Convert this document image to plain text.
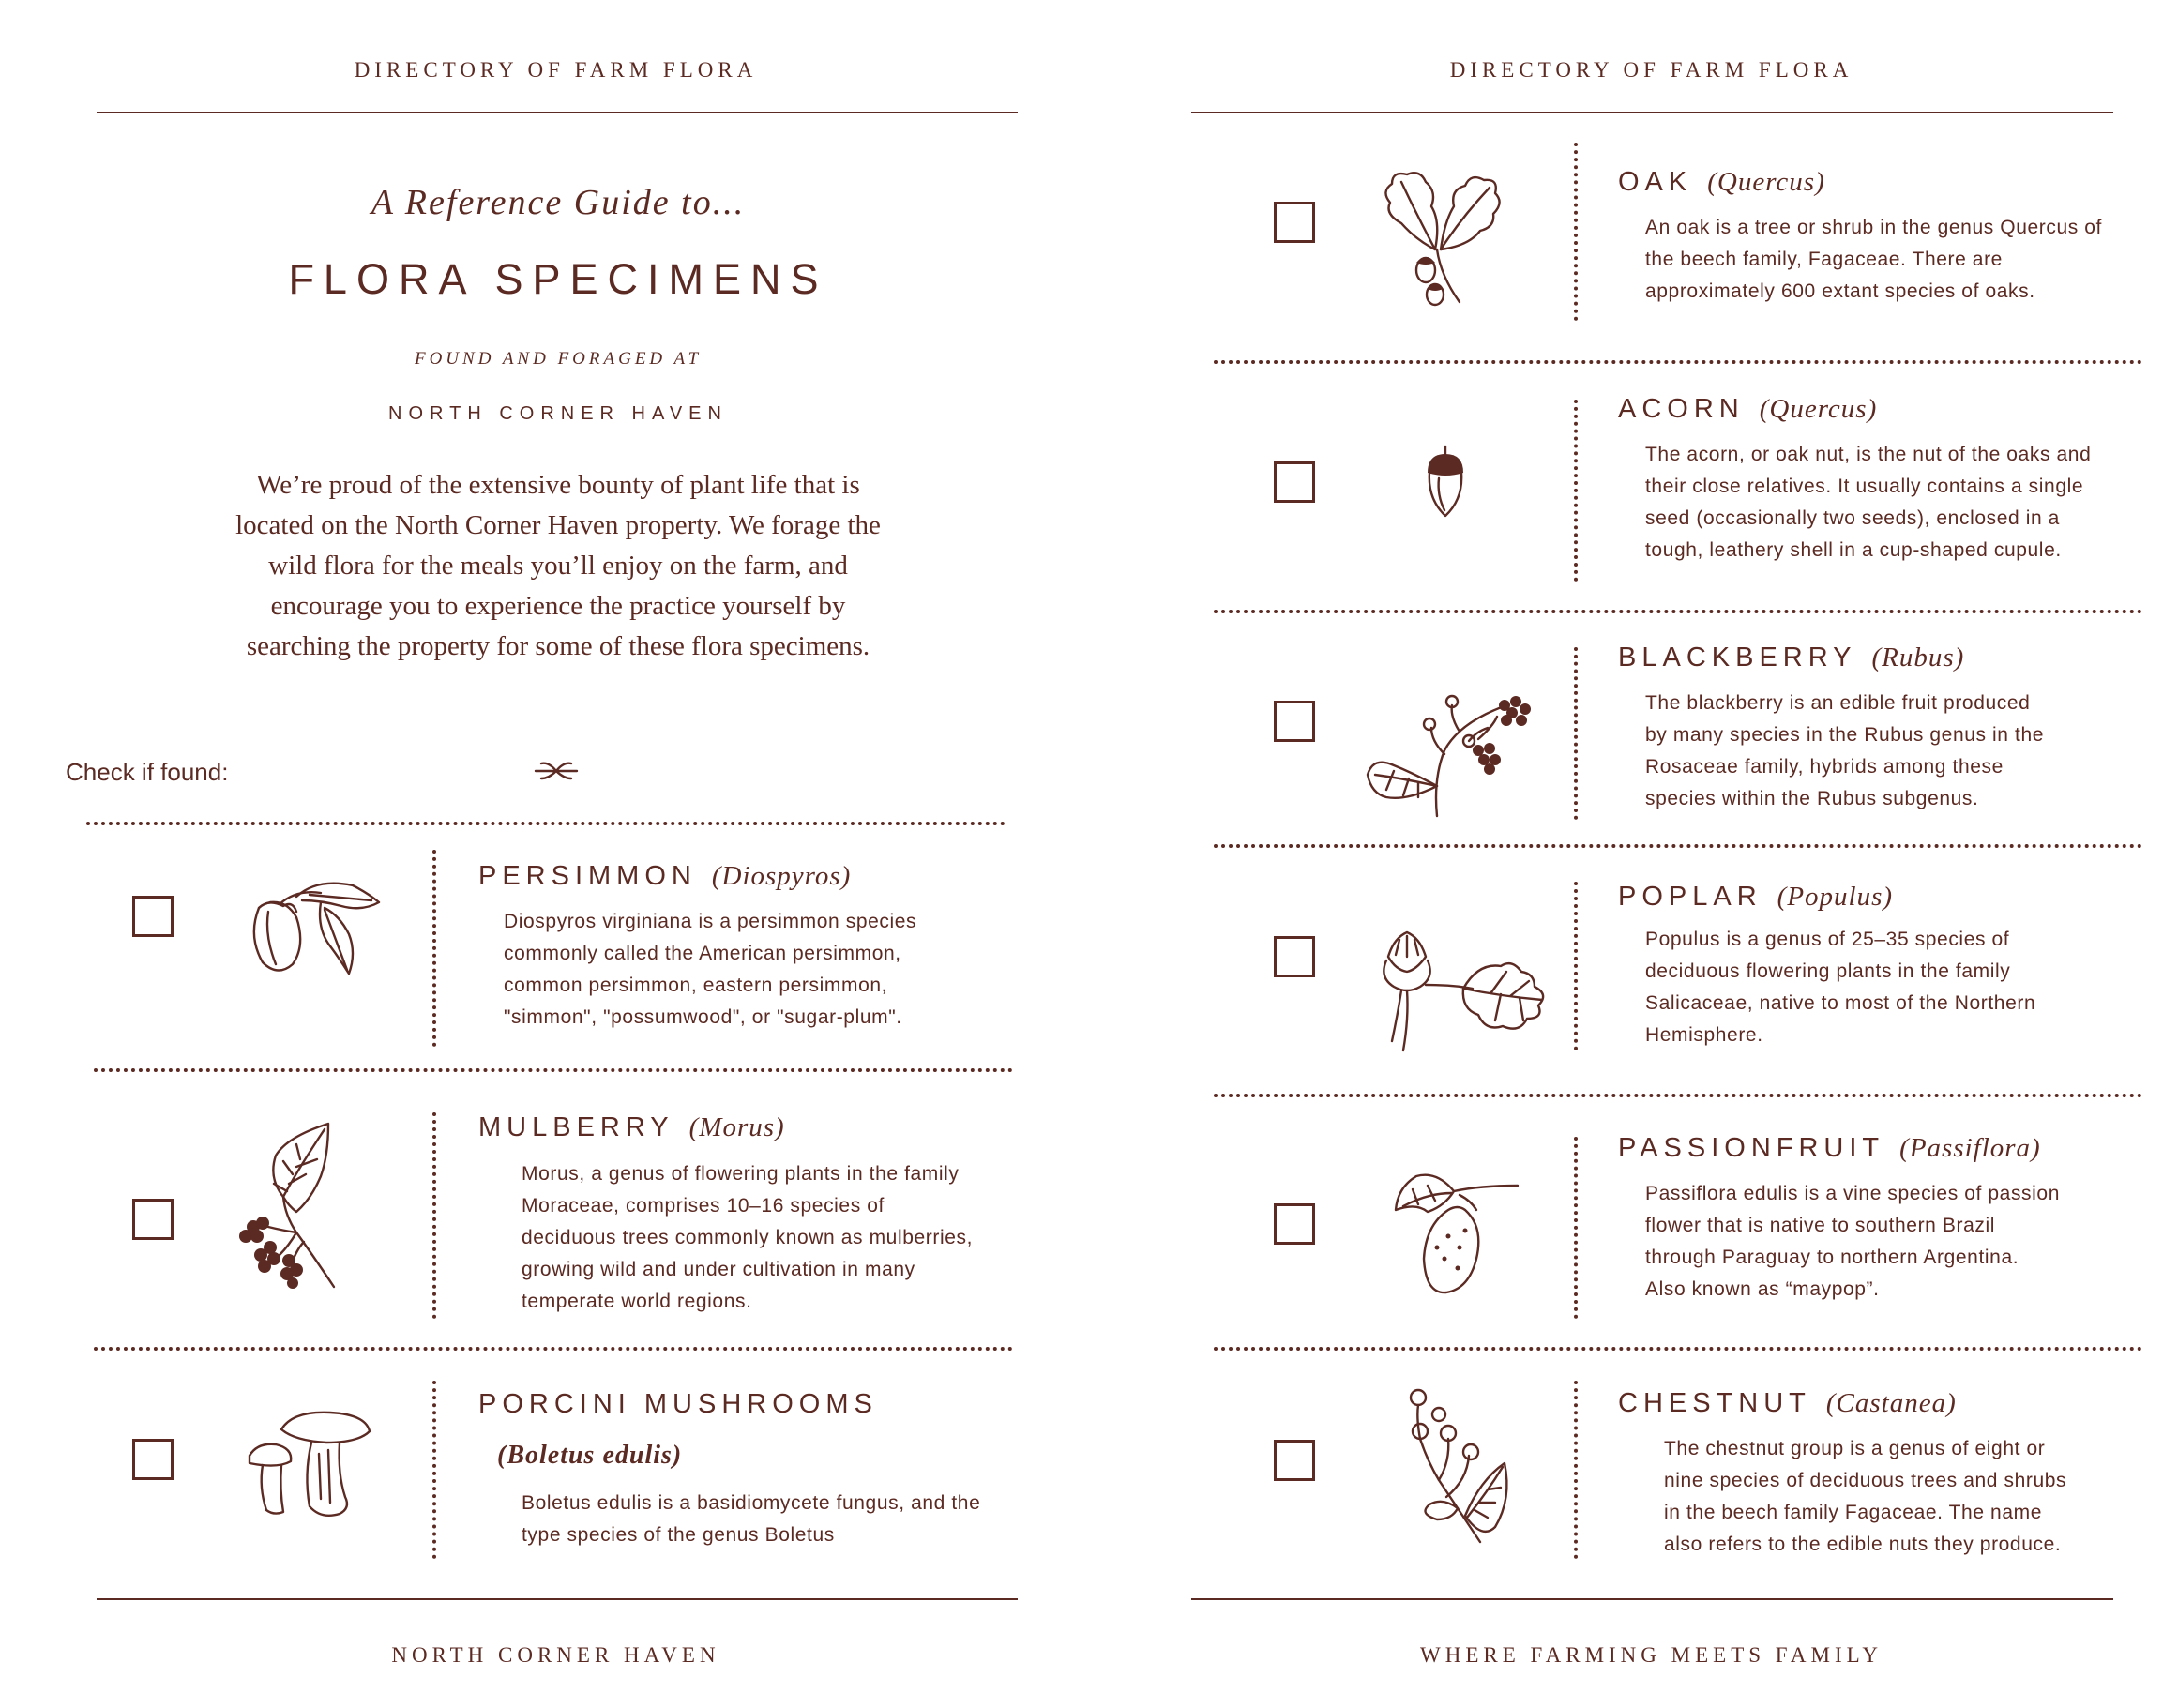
DIRECTORY OF FARM FLORA	DIRECTORY OF FARM FLORA
A Reference Guide to...
FLORA SPECIMENS
FOUND AND FORAGED AT
NORTH CORNER HAVEN
We’re proud of the extensive bounty of plant life that is located on the North Corner Haven property. We forage the wild flora for the meals you’ll enjoy on the farm, and encourage you to experience the practice yourself by searching the property for some of these flora specimens.
Check if found:
PERSIMMON (Diospyros)
Diospyros virginiana is a persimmon species
commonly called the American persimmon,
common persimmon, eastern persimmon,
"simmon", "possumwood", or "sugar-plum".
MULBERRY (Morus)
Morus, a genus of flowering plants in the family
Moraceae, comprises 10–16 species of
deciduous trees commonly known as mulberries,
growing wild and under cultivation in many
temperate world regions.
PORCINI MUSHROOMS
(Boletus edulis)
Boletus edulis is a basidiomycete fungus, and the
type species of the genus Boletus
NORTH CORNER HAVEN
OAK (Quercus)
An oak is a tree or shrub in the genus Quercus of
the beech family, Fagaceae. There are
approximately 600 extant species of oaks.
ACORN (Quercus)
The acorn, or oak nut, is the nut of the oaks and
their close relatives. It usually contains a single
seed (occasionally two seeds), enclosed in a
tough, leathery shell in a cup-shaped cupule.
BLACKBERRY (Rubus)
The blackberry is an edible fruit produced
by many species in the Rubus genus in the
Rosaceae family, hybrids among these
species within the Rubus subgenus.
POPLAR (Populus)
Populus is a genus of 25–35 species of
deciduous flowering plants in the family
Salicaceae, native to most of the Northern
Hemisphere.
PASSIONFRUIT (Passiflora)
Passiflora edulis is a vine species of passion
flower that is native to southern Brazil
through Paraguay to northern Argentina.
Also known as “maypop”.
CHESTNUT (Castanea)
The chestnut group is a genus of eight or
nine species of deciduous trees and shrubs
in the beech family Fagaceae. The name
also refers to the edible nuts they produce.
WHERE FARMING MEETS FAMILY
